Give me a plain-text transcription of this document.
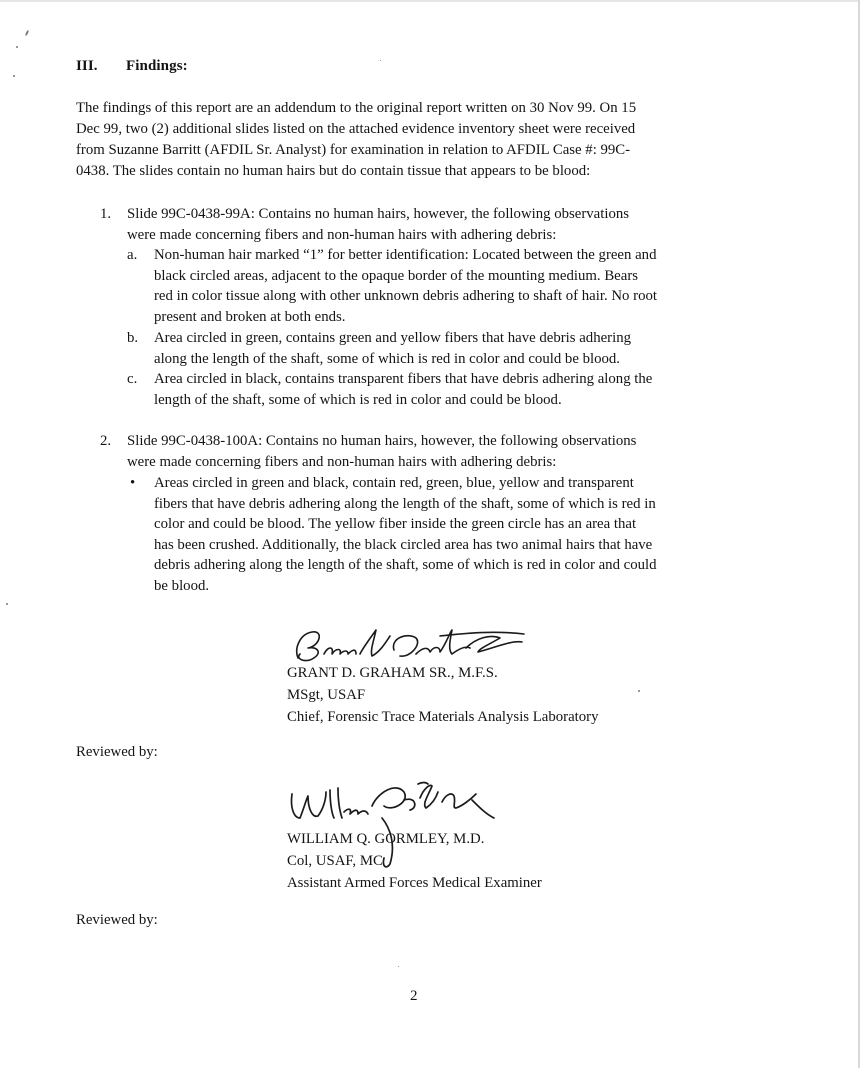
III. Findings:
The findings of this report are an addendum to the original report written on 30 Nov 99. On 15
Dec 99, two (2) additional slides listed on the attached evidence inventory sheet were received
from Suzanne Barritt (AFDIL Sr. Analyst) for examination in relation to AFDIL Case #: 99C-
0438. The slides contain no human hairs but do contain tissue that appears to be blood:
1. Slide 99C-0438-99A: Contains no human hairs, however, the following observations
were made concerning fibers and non-human hairs with adhering debris:
a. Non-human hair marked “1” for better identification: Located between the green and
black circled areas, adjacent to the opaque border of the mounting medium. Bears
red in color tissue along with other unknown debris adhering to shaft of hair. No root
present and broken at both ends.
b. Area circled in green, contains green and yellow fibers that have debris adhering
along the length of the shaft, some of which is red in color and could be blood.
c. Area circled in black, contains transparent fibers that have debris adhering along the
length of the shaft, some of which is red in color and could be blood.
2. Slide 99C-0438-100A: Contains no human hairs, however, the following observations
were made concerning fibers and non-human hairs with adhering debris:
• Areas circled in green and black, contain red, green, blue, yellow and transparent
fibers that have debris adhering along the length of the shaft, some of which is red in
color and could be blood. The yellow fiber inside the green circle has an area that
has been crushed. Additionally, the black circled area has two animal hairs that have
debris adhering along the length of the shaft, some of which is red in color and could
be blood.
GRANT D. GRAHAM SR., M.F.S.
MSgt, USAF
Chief, Forensic Trace Materials Analysis Laboratory
Reviewed by:
WILLIAM Q. GORMLEY, M.D.
Col, USAF, MC
Assistant Armed Forces Medical Examiner
Reviewed by:
2
